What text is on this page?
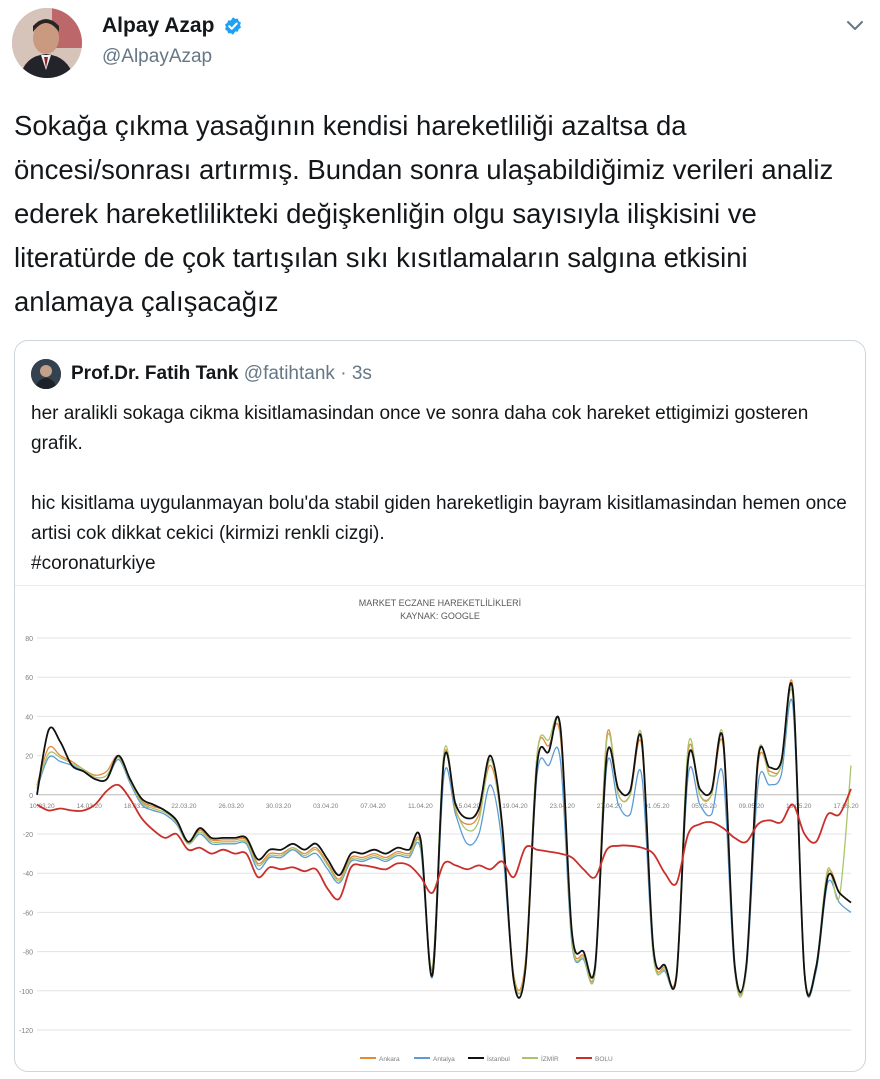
Alpay Azap
@AlpayAzap

Sokağa çıkma yasağının kendisi hareketliliği azaltsa da öncesi/sonrası artırmış. Bundan sonra ulaşabildiğimiz verileri analiz ederek hareketlilikteki değişkenliğin olgu sayısıyla ilişkisini ve literatürde de çok tartışılan sıkı kısıtlamaların salgına etkisini anlamaya çalışacağız

Prof.Dr. Fatih Tank @fatihtank · 3s
her aralikli sokaga cikma kisitlamasindan once ve sonra daha cok hareket ettigimizi gosteren grafik.
hic kisitlama uygulanmayan bolu'da stabil giden hareketligin bayram kisitlamasindan hemen once artisi cok dikkat cekici (kirmizi renkli cizgi).
#coronaturkiye
MARKET ECZANE HAREKETLİLİKLERİ
KAYNAK: GOOGLE
80
60
40
20
0
-20
-40
-60
-80
-100
-120
10.03.20	14.03.20	18.03.20	22.03.20	26.03.20	30.03.20	03.04.20	07.04.20	11.04.20	15.04.20	19.04.20	23.04.20	27.04.20	01.05.20	05.05.20	09.05.20	13.05.20	17.05.20
Ankara	Antalya	İstanbul	İZMİR	BOLU
